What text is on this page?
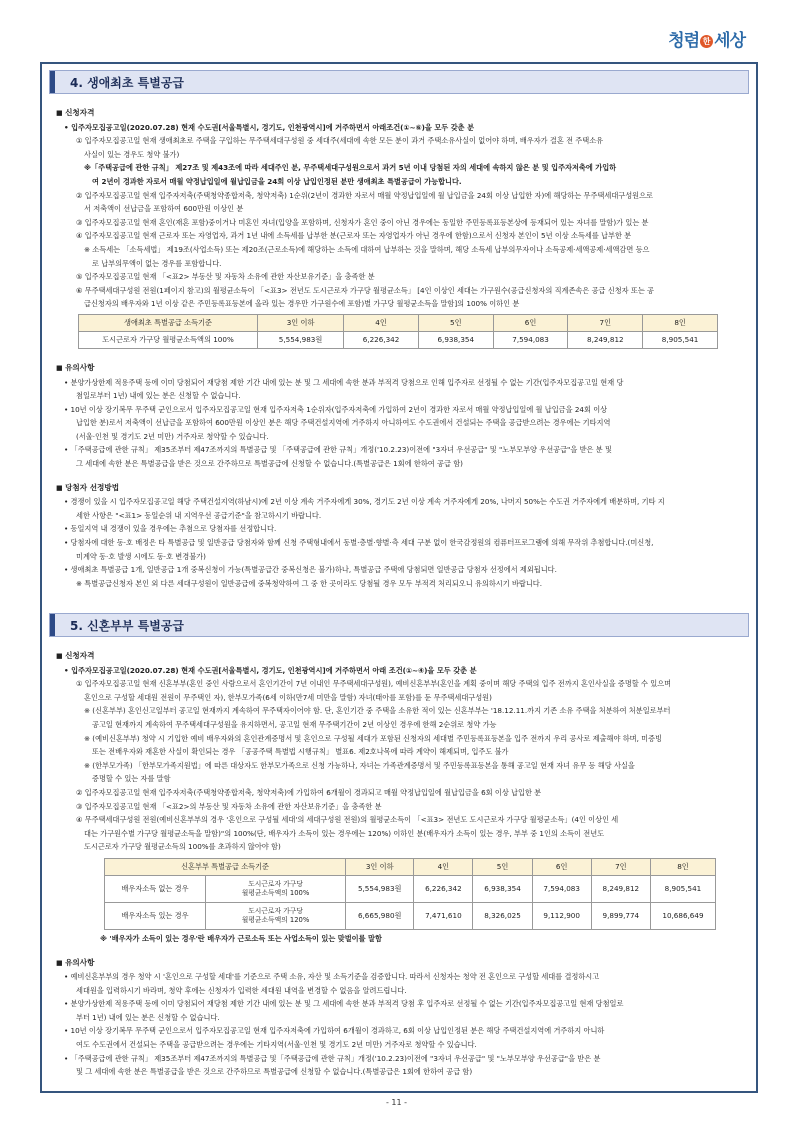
청렴 한 세상
4. 생애최초 특별공급

■ 신청자격

• 입주자모집공고일(2020.07.28) 현재 수도권[서울특별시, 경기도, 인천광역시]에 거주하면서 아래조건(①~⑥)을 모두 갖춘 분

① 입주자모집공고일 현재 생애최초로 주택을 구입하는 무주택세대구성원 중 세대주(세대에 속한 모든 분이 과거 주택소유사실이 없어야 하며, 배우자가 결혼 전 주택소유

사실이 있는 경우도 청약 불가)

※「주택공급에 관한 규칙」 제27조 및 제43조에 따라 세대주인 분, 무주택세대구성원으로서 과거 5년 이내 당첨된 자의 세대에 속하지 않은 분 및 입주자저축에 가입하

여 2년이 경과한 자로서 매월 약정납입일에 월납입금을 24회 이상 납입인정된 분만 생애최초 특별공급이 가능합니다.

② 입주자모집공고일 현재 입주자저축(주택청약종합저축, 청약저축) 1순위(2년이 경과한 자로서 매월 약정납입일에 월 납입금을 24회 이상 납입한 자)에 해당하는 무주택세대구성원으로

서 저축액이 선납금을 포함하여 600만원 이상인 분

③ 입주자모집공고일 현재 혼인(재혼 포함)중이거나 미혼인 자녀(입양을 포함하며, 신청자가 혼인 중이 아닌 경우에는 동일한 주민등록표등본상에 등재되어 있는 자녀를 말함)가 있는 분

④ 입주자모집공고일 현재 근로자 또는 자영업자, 과거 1년 내에 소득세를 납부한 분(근로자 또는 자영업자가 아닌 경우에 한함)으로서 신청자 본인이 5년 이상 소득세를 납부한 분

※ 소득세는 「소득세법」 제19조(사업소득) 또는 제20조(근로소득)에 해당하는 소득에 대하여 납부하는 것을 말하며, 해당 소득세 납부의무자이나 소득공제·세액공제·세액감면 등으

로 납부의무액이 없는 경우를 포함합니다.

⑤ 입주자모집공고일 현재 「<표2> 부동산 및 자동차 소유에 관한 자산보유기준」을 충족한 분

⑥ 무주택세대구성원 전원(1페이지 참고)의 월평균소득이 「<표3> 전년도 도시근로자 가구당 월평균소득」 [4인 이상인 세대는 가구원수(공급신청자의 직계존속은 공급 신청자 또는 공

급신청자의 배우자와 1년 이상 같은 주민등록표등본에 올라 있는 경우만 가구원수에 포함)별 가구당 월평균소득을 말함]의 100% 이하인 분

생애최초 특별공급 소득기준	3인 이하	4인	5인	6인	7인	8인
도시근로자 가구당 월평균소득액의 100%	5,554,983원	6,226,342	6,938,354	7,594,083	8,249,812	8,905,541

■ 유의사항

• 분양가상한제 적용주택 등에 이미 당첨되어 재당첨 제한 기간 내에 있는 분 및 그 세대에 속한 분과 부적격 당첨으로 인해 입주자로 선정될 수 없는 기간(입주자모집공고일 현재 당

첨일로부터 1년) 내에 있는 분은 신청할 수 없습니다.

• 10년 이상 장기복무 무주택 군인으로서 입주자모집공고일 현재 입주자저축 1순위자(입주자저축에 가입하여 2년이 경과한 자로서 매월 약정납입일에 월 납입금을 24회 이상

납입한 분)로서 저축액이 선납금을 포함하여 600만원 이상인 분은 해당 주택건설지역에 거주하지 아니하여도 수도권에서 건설되는 주택을 공급받으려는 경우에는 기타지역

(서울·인천 및 경기도 2년 미만) 거주자로 청약할 수 있습니다.

• 「주택공급에 관한 규칙」 제35조부터 제47조까지의 특별공급 및 「주택공급에 관한 규칙」개정('10.2.23)이전에 "3자녀 우선공급" 및 "노부모부양 우선공급"을 받은 분 및

그 세대에 속한 분은 특별공급을 받은 것으로 간주하므로 특별공급에 신청할 수 없습니다.(특별공급은 1회에 한하여 공급 함)

■ 당첨자 선정방법

• 경쟁이 있을 시 입주자모집공고일 해당 주택건설지역(하남시)에 2년 이상 계속 거주자에게 30%, 경기도 2년 이상 계속 거주자에게 20%, 나머지 50%는 수도권 거주자에게 배분하며, 기타 지

세한 사항은 "<표1> 동일순위 내 지역우선 공급기준"을 참고하시기 바랍니다.

• 동일지역 내 경쟁이 있을 경우에는 추첨으로 당첨자를 선정합니다.

• 당첨자에 대한 동·호 배정은 타 특별공급 및 일반공급 당첨자와 함께 신청 주택형내에서 동별·층별·향별·측 세대 구분 없이 한국감정원의 컴퓨터프로그램에 의해 무작위 추첨합니다.(미신청,

미계약 동·호 발생 시에도 동·호 변경불가)

• 생애최초 특별공급 1개, 일반공급 1개 중복신청이 가능(특별공급간 중복신청은 불가)하나, 특별공급 주택에 당첨되면 일반공급 당첨자 선정에서 제외됩니다.

※ 특별공급신청자 본인 외 다른 세대구성원이 일반공급에 중복청약하여 그 중 한 곳이라도 당첨될 경우 모두 부적격 처리되오니 유의하시기 바랍니다.

5. 신혼부부 특별공급

■ 신청자격

• 입주자모집공고일(2020.07.28) 현재 수도권[서울특별시, 경기도, 인천광역시]에 거주하면서 아래 조건(①~④)을 모두 갖춘 분

① 입주자모집공고일 현재 신혼부부(혼인 중인 사람으로서 혼인기간이 7년 이내인 무주택세대구성원), 예비신혼부부(혼인을 계획 중이며 해당 주택의 입주 전까지 혼인사실을 증명할 수 있으며

혼인으로 구성할 세대원 전원이 무주택인 자), 한부모가족(6세 이하(만7세 미만을 말함) 자녀(태아를 포함)를 둔 무주택세대구성원)

※ (신혼부부) 혼인신고일부터 공고일 현재까지 계속하여 무주택자이어야 함. 단, 혼인기간 중 주택을 소유한 적이 있는 신혼부부는 '18.12.11.까지 기존 소유 주택을 처분하여 처분일로부터

공고일 현재까지 계속하여 무주택세대구성원을 유지하면서, 공고일 현재 무주택기간이 2년 이상인 경우에 한해 2순위로 청약 가능

※ (예비신혼부부) 청약 시 기입한 예비 배우자와의 혼인관계증명서 및 혼인으로 구성될 세대가 포함된 신청자의 세대별 주민등록표등본을 입주 전까지 우리 공사로 제출해야 하며, 미증빙

또는 전배우자와 재혼한 사실이 확인되는 경우 「공공주택 특별법 시행규칙」 별표6. 제2호나목에 따라 계약이 해제되며, 입주도 불가

※ (한부모가족) 「한부모가족지원법」에 따른 대상자도 한부모가족으로 신청 가능하나, 자녀는 가족관계증명서 및 주민등록표등본을 통해 공고일 현재 자녀 유무 등 해당 사실을

증명할 수 있는 자를 말함

② 입주자모집공고일 현재 입주자저축(주택청약종합저축, 청약저축)에 가입하여 6개월이 경과되고 매월 약정납입일에 월납입금을 6회 이상 납입한 분

③ 입주자모집공고일 현재 「<표2>의 부동산 및 자동차 소유에 관한 자산보유기준」을 충족한 분

④ 무주택세대구성원 전원(예비신혼부부의 경우 '혼인으로 구성될 세대'의 세대구성원 전원)의 월평균소득이 「<표3> 전년도 도시근로자 가구당 월평균소득」(4인 이상인 세

대는 가구원수별 가구당 월평균소득을 말함)"의 100%(단, 배우자가 소득이 있는 경우에는 120%) 이하인 분(배우자가 소득이 있는 경우, 부부 중 1인의 소득이 전년도

도시근로자 가구당 월평균소득의 100%를 초과하지 않아야 함)

신혼부부 특별공급 소득기준		3인 이하	4인	5인	6인	7인	8인
배우자소득 없는 경우	도시근로자 가구당
월평균소득액의 100%	5,554,983원	6,226,342	6,938,354	7,594,083	8,249,812	8,905,541
배우자소득 있는 경우	도시근로자 가구당
월평균소득액의 120%	6,665,980원	7,471,610	8,326,025	9,112,900	9,899,774	10,686,649

※ '배우자가 소득이 있는 경우'란 배우자가 근로소득 또는 사업소득이 있는 맞벌이를 말함

■ 유의사항

• 예비신혼부부의 경우 청약 시 '혼인으로 구성할 세대'를 기준으로 주택 소유, 자산 및 소득기준을 검증합니다. 따라서 신청자는 청약 전 혼인으로 구성할 세대를 결정하시고

세대원을 입력하시기 바라며, 청약 후에는 신청자가 입력한 세대원 내역을 변경할 수 없음을 알려드립니다.

• 분양가상한제 적용주택 등에 이미 당첨되어 재당첨 제한 기간 내에 있는 분 및 그 세대에 속한 분과 부적격 당첨 후 입주자로 선정될 수 없는 기간(입주자모집공고일 현재 당첨일로

부터 1년) 내에 있는 분은 신청할 수 없습니다.

• 10년 이상 장기복무 무주택 군인으로서 입주자모집공고일 현재 입주자저축에 가입하여 6개월이 경과하고, 6회 이상 납입인정된 분은 해당 주택건설지역에 거주하지 아니하

여도 수도권에서 건설되는 주택을 공급받으려는 경우에는 기타지역(서울·인천 및 경기도 2년 미만) 거주자로 청약할 수 있습니다.

• 「주택공급에 관한 규칙」 제35조부터 제47조까지의 특별공급 및「주택공급에 관한 규칙」개정('10.2.23)이전에 "3자녀 우선공급" 및 "노부모부양 우선공급"을 받은 분

및 그 세대에 속한 분은 특별공급을 받은 것으로 간주하므로 특별공급에 신청할 수 없습니다.(특별공급은 1회에 한하여 공급 함)

- 11 -
